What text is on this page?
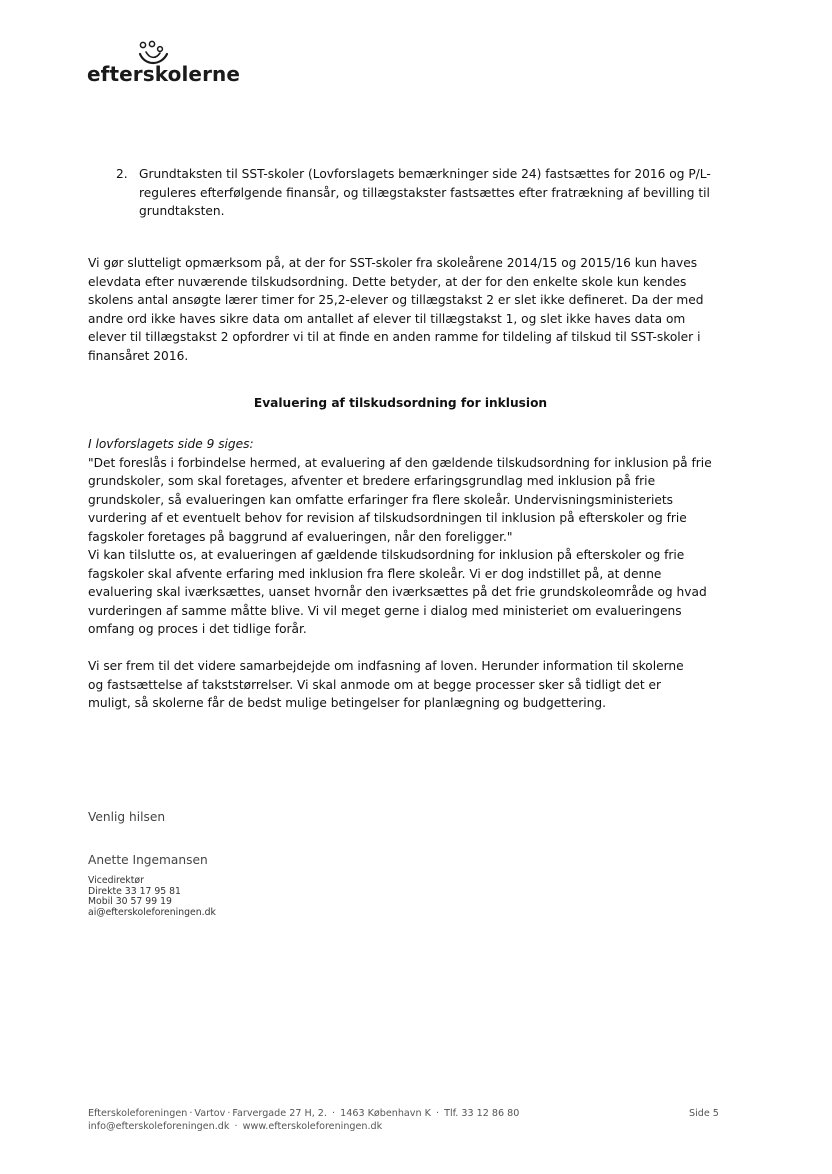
efterskolerne
2. Grundtaksten til SST-skoler (Lovforslagets bemærkninger side 24) fastsættes for 2016 og P/L-
reguleres efterfølgende finansår, og tillægstakster fastsættes efter fratrækning af bevilling til
grundtaksten.
Vi gør slutteligt opmærksom på, at der for SST-skoler fra skoleårene 2014/15 og 2015/16 kun haves
elevdata efter nuværende tilskudsordning. Dette betyder, at der for den enkelte skole kun kendes
skolens antal ansøgte lærer timer for 25,2-elever og tillægstakst 2 er slet ikke defineret. Da der med
andre ord ikke haves sikre data om antallet af elever til tillægstakst 1, og slet ikke haves data om
elever til tillægstakst 2 opfordrer vi til at finde en anden ramme for tildeling af tilskud til SST-skoler i
finansåret 2016.
Evaluering af tilskudsordning for inklusion
I lovforslagets side 9 siges:
"Det foreslås i forbindelse hermed, at evaluering af den gældende tilskudsordning for inklusion på frie
grundskoler, som skal foretages, afventer et bredere erfaringsgrundlag med inklusion på frie
grundskoler, så evalueringen kan omfatte erfaringer fra flere skoleår. Undervisningsministeriets
vurdering af et eventuelt behov for revision af tilskudsordningen til inklusion på efterskoler og frie
fagskoler foretages på baggrund af evalueringen, når den foreligger."
Vi kan tilslutte os, at evalueringen af gældende tilskudsordning for inklusion på efterskoler og frie
fagskoler skal afvente erfaring med inklusion fra flere skoleår. Vi er dog indstillet på, at denne
evaluering skal iværksættes, uanset hvornår den iværksættes på det frie grundskoleområde og hvad
vurderingen af samme måtte blive. Vi vil meget gerne i dialog med ministeriet om evalueringens
omfang og proces i det tidlige forår.
Vi ser frem til det videre samarbejdejde om indfasning af loven. Herunder information til skolerne
og fastsættelse af takststørrelser. Vi skal anmode om at begge processer sker så tidligt det er
muligt, så skolerne får de bedst mulige betingelser for planlægning og budgettering.
Venlig hilsen
Anette Ingemansen
Vicedirektør
Direkte 33 17 95 81
Mobil 30 57 99 19
ai@efterskoleforeningen.dk
Efterskoleforeningen · Vartov · Farvergade 27 H, 2. · 1463 København K · Tlf. 33 12 86 80
info@efterskoleforeningen.dk · www.efterskoleforeningen.dk
Side 5
